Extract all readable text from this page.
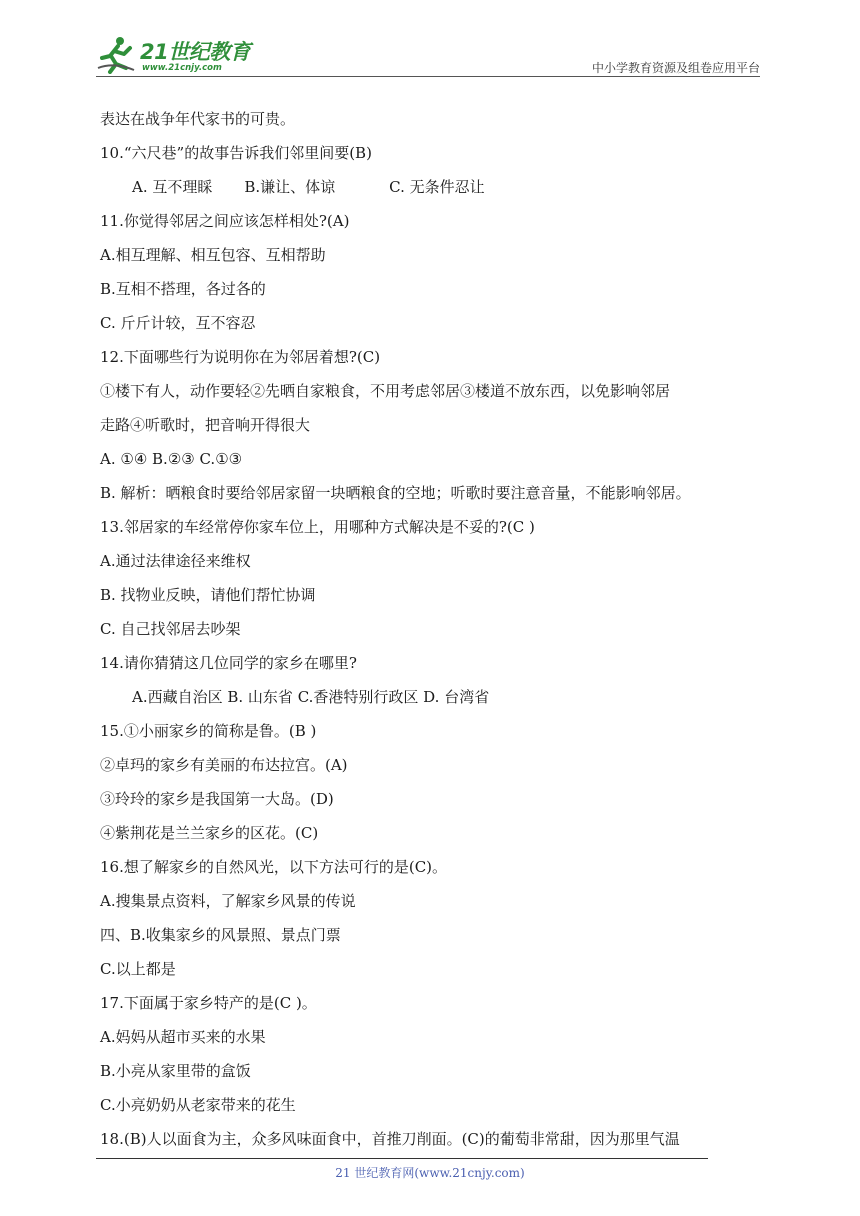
21世纪教育
www.21cnjy.com	中小学教育资源及组卷应用平台
表达在战争年代家书的可贵。
10.“六尺巷”的故事告诉我们邻里间要(B)
A. 互不理睬 B.谦让、体谅	C. 无条件忍让
11.你觉得邻居之间应该怎样相处?(A)
A.相互理解、相互包容、互相帮助
B.互相不搭理，各过各的
C. 斤斤计较，互不容忍
12.下面哪些行为说明你在为邻居着想?(C)
①楼下有人，动作要轻②先晒自家粮食，不用考虑邻居③楼道不放东西，以免影响邻居
走路④听歌时，把音响开得很大
A. ①④ B.②③ C.①③
B. 解析：晒粮食时要给邻居家留一块晒粮食的空地；听歌时要注意音量，不能影响邻居。
13.邻居家的车经常停你家车位上，用哪种方式解决是不妥的?(C )
A.通过法律途径来维权
B. 找物业反映，请他们帮忙协调
C. 自己找邻居去吵架
14.请你猜猜这几位同学的家乡在哪里?
A.西藏自治区 B. 山东省 C.香港特别行政区 D. 台湾省
15.①小丽家乡的简称是鲁。(B )
②卓玛的家乡有美丽的布达拉宫。(A)
③玲玲的家乡是我国第一大岛。(D)
④紫荆花是兰兰家乡的区花。(C)
16.想了解家乡的自然风光，以下方法可行的是(C)。
A.搜集景点资料，了解家乡风景的传说
四、B.收集家乡的风景照、景点门票
C.以上都是
17.下面属于家乡特产的是(C )。
A.妈妈从超市买来的水果
B.小亮从家里带的盒饭
C.小亮奶奶从老家带来的花生
18.(B)人以面食为主，众多风味面食中，首推刀削面。(C)的葡萄非常甜，因为那里气温
21 世纪教育网(www.21cnjy.com)
